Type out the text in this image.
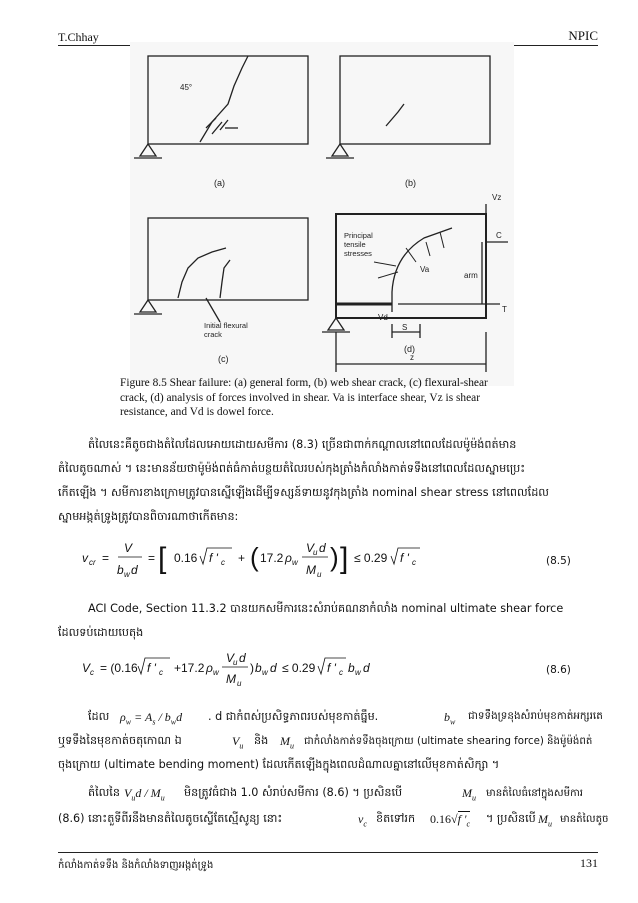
T.Chhay	NPIC
45°
(a)	(b)
(c)
(d)
Initial flexural
crack
Principal
tensile
stresses
Vz
C
arm
Va
Vd
T
S
z
Figure 8.5 Shear failure: (a) general form, (b) web shear crack, (c) flexural-shear crack, (d) analysis of forces involved in shear. Va is interface shear, Vz is shear resistance, and Vd is dowel force.
តំលៃនេះគឺតូចជាងតំលៃដែលអោយដោយសមីការ (8.3) ច្រើនជាពាក់កណ្តាលនៅពេលដែលម៉ូម៉ង់ពត់មាន
តំលៃតូចណាស់ ។ នេះមានន័យថាម៉ូម៉ង់ពត់ធំកាត់បន្ថយតំលៃរបស់កុងត្រាំងកំលាំងកាត់ទទឹងនៅពេលដែលស្នាមប្រេះ
កើតឡើង ។ សមីការខាងក្រោមត្រូវបានស្នើឡើងដើម្បីទស្សន៍ទាយនូវកុងត្រាំង nominal shear stress នៅពេលដែល
ស្នាមអង្កត់ទ្រូងត្រូវបានពិចារណាថាកើតមាន:
v cr =
V
b w d
= [ 0.16 f ' c + ( 17.2 ρ w
V
u d
M u
) ] ≤ 0.29 f ' c	(8.5)
ACI Code, Section 11.3.2 បានយកសមីការនេះសំរាប់គណនាកំលាំង nominal ultimate shear force
ដែលទប់ដោយបេតុង
V c = (0.16 f ' c +17.2 ρ w
V
u d
M u
) b w d ≤ 0.29 f ' c b w d	(8.6)
ដែល $\rho_w = A_s / b_wd$ . d ជាកំពស់ប្រសិទ្ធភាពរបស់មុខកាត់ធ្នឹម.	$b_w$ ជាទទឹងទ្រនុងសំរាប់មុខកាត់អក្សរតេ
ឬទទឹងនៃមុខកាត់ចតុកោណ ឯ	$V_u$ និង $M_u$ ជាកំលាំងកាត់ទទឹងចុងក្រោយ (ultimate shearing force) និងម៉ូម៉ង់ពត់
ចុងក្រោយ (ultimate bending moment) ដែលកើតឡើងក្នុងពេលដំណាលគ្នានៅលើមុខកាត់សិក្សា ។
តំលៃនៃ $V_ud / M_u$ មិនត្រូវធំជាង 1.0 សំរាប់សមីការ (8.6) ។ ប្រសិនបើ	$M_u$ មានតំលៃធំនៅក្នុងសមីការ
(8.6) នោះតួទីពីរនឹងមានតំលៃតូចស្ទើតែស្មើសូន្យ នោះ	$v_c$ ខិតទៅរក 0.16√f '$_c$ ។ ប្រសិនបើ $M_u$ មានតំលៃតូច
កំលាំងកាត់ទទឹង និងកំលាំងទាញអង្កត់ទ្រូង	131
